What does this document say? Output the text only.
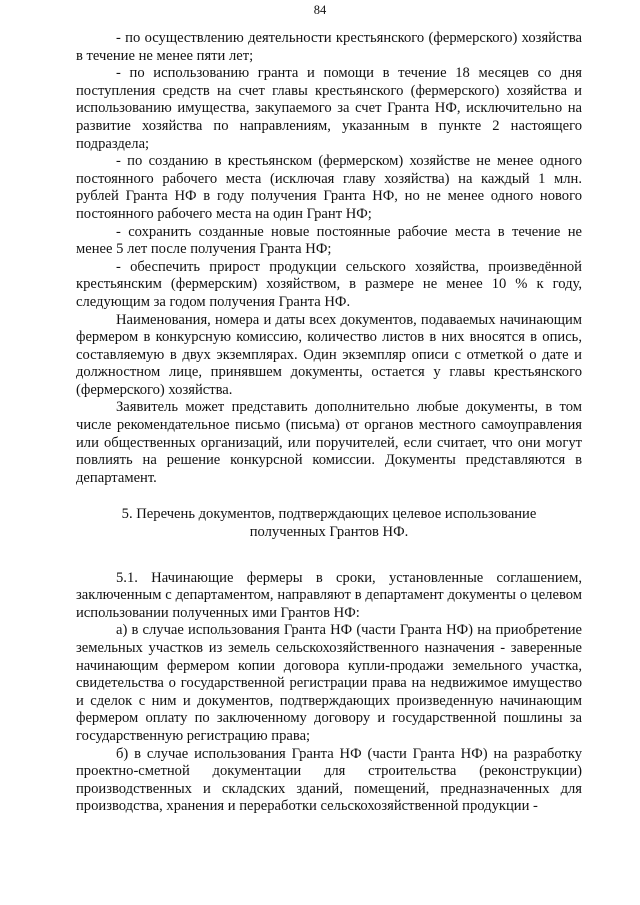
84

- по осуществлению деятельности крестьянского (фермерского) хозяйства в течение не менее пяти лет;

- по использованию гранта и помощи в течение 18 месяцев со дня поступления средств на счет главы крестьянского (фермерского) хозяйства и использованию имущества, закупаемого за счет Гранта НФ, исключительно на развитие хозяйства по направлениям, указанным в пункте 2 настоящего подраздела;

- по созданию в крестьянском (фермерском) хозяйстве не менее одного постоянного рабочего места (исключая главу хозяйства) на каждый 1 млн. рублей Гранта НФ в году получения Гранта НФ, но не менее одного нового постоянного рабочего места на один Грант НФ;

- сохранить созданные новые постоянные рабочие места в течение не менее 5 лет после получения Гранта НФ;

- обеспечить прирост продукции сельского хозяйства, произведённой крестьянским (фермерским) хозяйством, в размере не менее 10 % к году, следующим за годом получения Гранта НФ.

Наименования, номера и даты всех документов, подаваемых начинающим фермером в конкурсную комиссию, количество листов в них вносятся в опись, составляемую в двух экземплярах. Один экземпляр описи с отметкой о дате и должностном лице, принявшем документы, остается у главы крестьянского (фермерского) хозяйства.

Заявитель может представить дополнительно любые документы, в том числе рекомендательное письмо (письма) от органов местного самоуправления или общественных организаций, или поручителей, если считает, что они могут повлиять на решение конкурсной комиссии. Документы представляются в департамент.

5. Перечень документов, подтверждающих целевое использование
полученных Грантов НФ.

5.1. Начинающие фермеры в сроки, установленные соглашением, заключенным с департаментом, направляют в департамент документы о целевом использовании полученных ими Грантов НФ:

а) в случае использования Гранта НФ (части Гранта НФ) на приобретение земельных участков из земель сельскохозяйственного назначения - заверенные начинающим фермером копии договора купли-продажи земельного участка, свидетельства о государственной регистрации права на недвижимое имущество и сделок с ним и документов, подтверждающих произведенную начинающим фермером оплату по заключенному договору и государственной пошлины за государственную регистрацию права;

б) в случае использования Гранта НФ (части Гранта НФ) на разработку проектно-сметной документации для строительства (реконструкции) производственных и складских зданий, помещений, предназначенных для производства, хранения и переработки сельскохозяйственной продукции -
